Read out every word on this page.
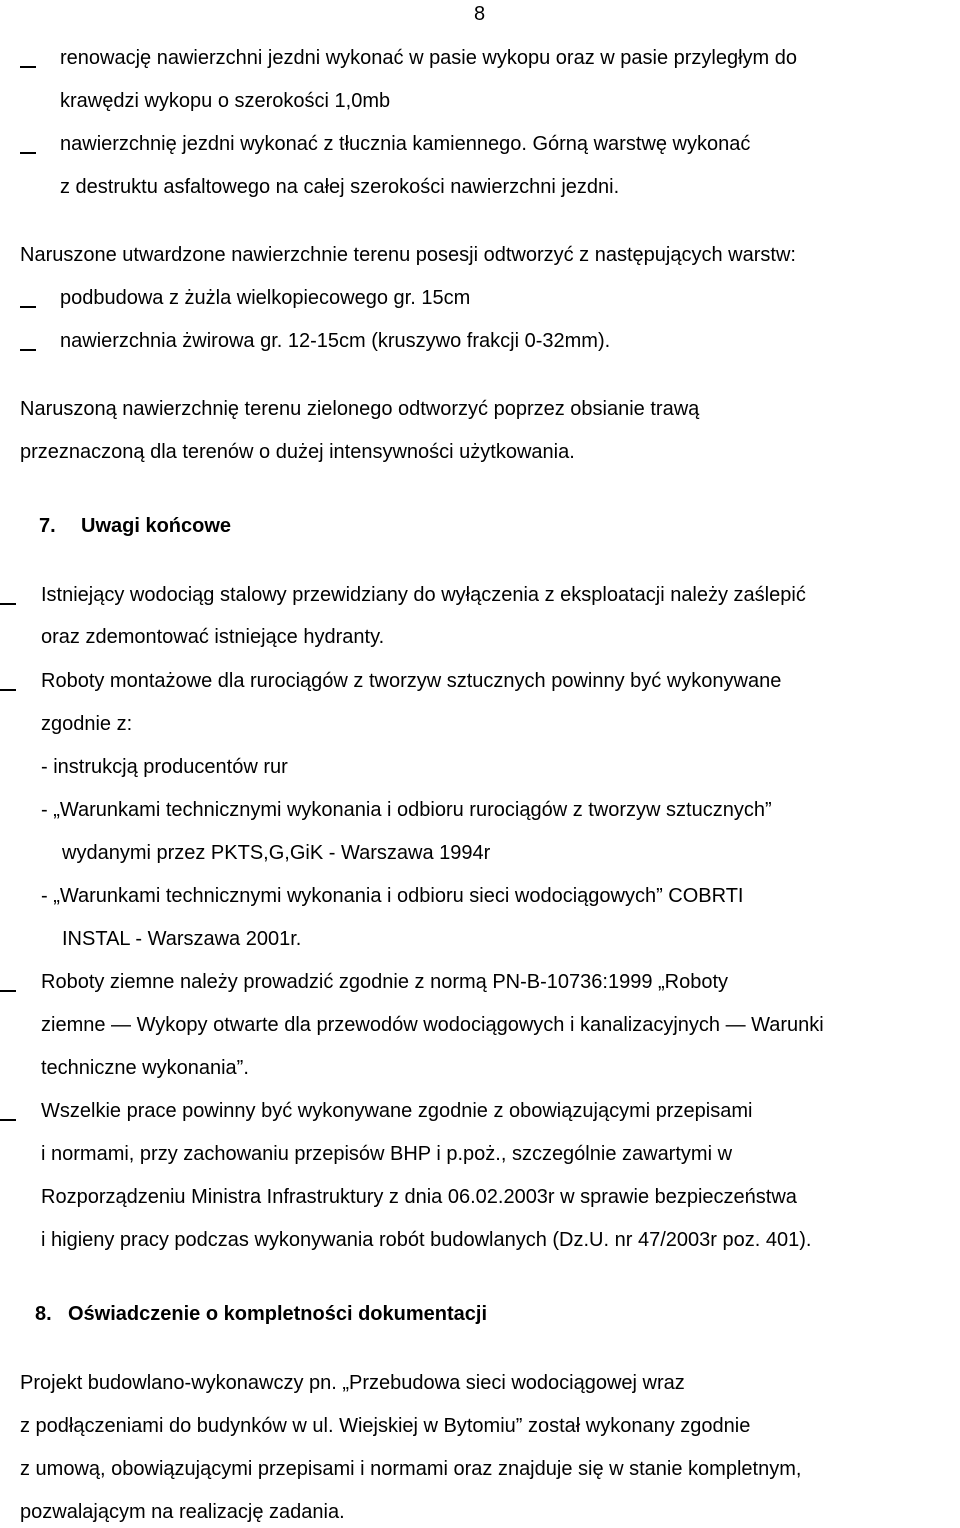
8
renowację nawierzchni jezdni wykonać w pasie wykopu oraz w pasie przyległym do
krawędzi wykopu o szerokości 1,0mb
nawierzchnię jezdni wykonać z tłucznia kamiennego. Górną warstwę wykonać
z destruktu asfaltowego na całej szerokości nawierzchni jezdni.
Naruszone utwardzone nawierzchnie terenu posesji odtworzyć z następujących warstw:
podbudowa z żużla wielkopiecowego gr. 15cm
nawierzchnia żwirowa gr. 12-15cm (kruszywo frakcji 0-32mm).
Naruszoną nawierzchnię terenu zielonego odtworzyć poprzez obsianie trawą
przeznaczoną dla terenów o dużej intensywności użytkowania.
7. Uwagi końcowe
Istniejący wodociąg stalowy przewidziany do wyłączenia z eksploatacji należy zaślepić
oraz zdemontować istniejące hydranty.
Roboty montażowe dla rurociągów z tworzyw sztucznych powinny być wykonywane
zgodnie z:
- instrukcją producentów rur
- „Warunkami technicznymi wykonania i odbioru rurociągów z tworzyw sztucznych”
wydanymi przez PKTS,G,GiK - Warszawa 1994r
- „Warunkami technicznymi wykonania i odbioru sieci wodociągowych” COBRTI
INSTAL - Warszawa 2001r.
Roboty ziemne należy prowadzić zgodnie z normą PN-B-10736:1999 „Roboty
ziemne — Wykopy otwarte dla przewodów wodociągowych i kanalizacyjnych — Warunki
techniczne wykonania”.
Wszelkie prace powinny być wykonywane zgodnie z obowiązującymi przepisami
i normami, przy zachowaniu przepisów BHP i p.poż., szczególnie zawartymi w
Rozporządzeniu Ministra Infrastruktury z dnia 06.02.2003r w sprawie bezpieczeństwa
i higieny pracy podczas wykonywania robót budowlanych (Dz.U. nr 47/2003r poz. 401).
8. Oświadczenie o kompletności dokumentacji
Projekt budowlano-wykonawczy pn. „Przebudowa sieci wodociągowej wraz
z podłączeniami do budynków w ul. Wiejskiej w Bytomiu” został wykonany zgodnie
z umową, obowiązującymi przepisami i normami oraz znajduje się w stanie kompletnym,
pozwalającym na realizację zadania.
